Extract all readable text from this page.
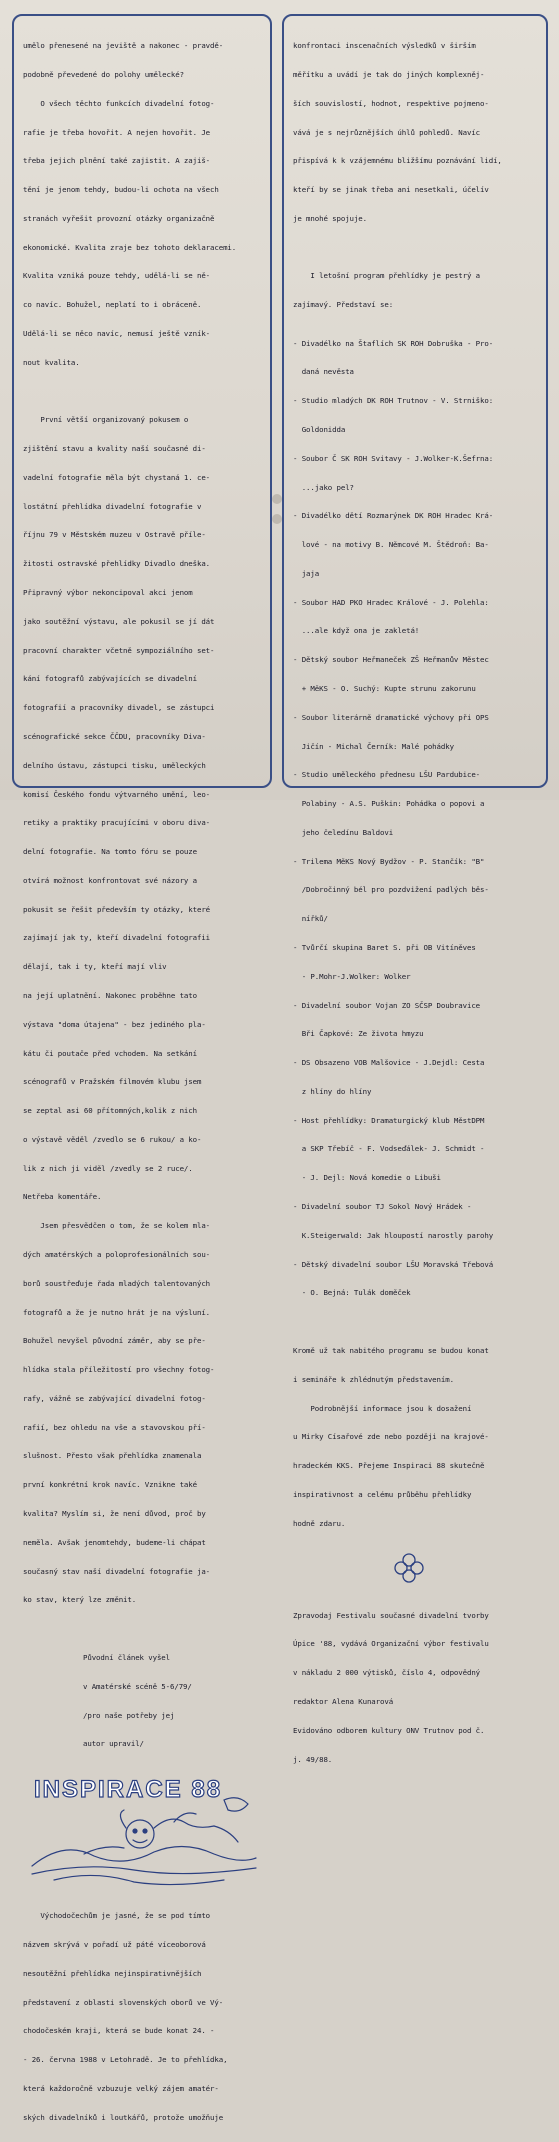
umělo přenesené na jeviště a nakonec - pravdě-

podobně převedené do polohy umělecké?

O všech těchto funkcích divadelní fotog-

rafie je třeba hovořit. A nejen hovořit. Je

třeba jejich plnění také zajistit. A zajiš-

tění je jenom tehdy, budou-li ochota na všech

stranách vyřešit provozní otázky organizačně

ekonomické. Kvalita zraje bez tohoto deklaracemi.

Kvalita vzniká pouze tehdy, udělá-li se ně-

co navíc. Bohužel, neplatí to i obráceně.

Udělá-li se něco navíc, nemusí ještě vzník-

nout kvalita.

První větší organizovaný pokusem o

zjištění stavu a kvality naší současné di-

vadelní fotografie měla být chystaná 1. ce-

lostátní přehlídka divadelní fotografie v

říjnu 79 v Městském muzeu v Ostravě příle-

žitosti ostravské přehlídky Divadlo dneška.

Připravný výbor nekoncipoval akci jenom

jako soutěžní výstavu, ale pokusil se jí dát

pracovní charakter včetně sympoziálního set-

kání fotografů zabývajících se divadelní

fotografií a pracovníky divadel, se zástupci

scénografické sekce ČČDU, pracovníky Diva-

delního ústavu, zástupci tisku, uměleckých

komisí Českého fondu výtvarného umění, leo-

retiky a praktiky pracujícími v oboru diva-

delní fotografie. Na tomto fóru se pouze

otvírá možnost konfrontovat své názory a

pokusit se řešit především ty otázky, které

zajímají jak ty, kteří divadelní fotografii

dělají, tak i ty, kteří mají vliv

na její uplatnění. Nakonec proběhne tato

výstava "doma útajena" - bez jediného pla-

kátu či poutače před vchodem. Na setkání

scénografů v Pražském filmovém klubu jsem

se zeptal asi 60 přítomných,kolik z nich

o výstavě věděl /zvedlo se 6 rukou/ a ko-

lik z nich ji viděl /zvedly se 2 ruce/.

Netřeba komentáře.

Jsem přesvědčen o tom, že se kolem mla-

dých amatérských a poloprofesionálních sou-

borů soustřeďuje řada mladých talentovaných

fotografů a že je nutno hrát je na výsluní.

Bohužel nevyšel původní záměr, aby se pře-

hlídka stala příležitostí pro všechny fotog-

rafy, vážně se zabývající divadelní fotog-

rafií, bez ohledu na vše a stavovskou pří-

slušnost. Přesto však přehlídka znamenala

první konkrétní krok navíc. Vznikne také

kvalita? Myslím si, že není důvod, proč by

neměla. Avšak jenomtehdy, budeme-li chápat

současný stav naší divadelní fotografie ja-

ko stav, který lze změnit.

Původní článek vyšel

v Amatérské scéně 5-6/79/

/pro naše potřeby jej

autor upravil/

INSPIRACE 88

Východočechům je jasné, že se pod tímto

názvem skrývá v pořadí už páté víceoborová

nesoutěžní přehlídka nejinspirativnějších

představení z oblasti slovenských oborů ve Vý-

chodočeském kraji, která se bude konat 24. -

- 26. června 1988 v Letohradě. Je to přehlídka,

která každoročně vzbuzuje velký zájem amatér-

ských divadelníků i loutkářů, protože umožňuje

konfrontaci inscenačních výsledků v širším

měřítku a uvádí je tak do jiných komplexněj-

ších souvislostí, hodnot, respektive pojmeno-

vává je s nejrůznějších úhlů pohledů. Navíc

přispívá k k vzájemnému bližšímu poznávání lidí,

kteří by se jinak třeba ani nesetkali, účelív

je mnohé spojuje.

I letošní program přehlídky je pestrý a

zajímavý. Představí se:

- Divadélko na Štaflích SK ROH Dobruška - Pro-

daná nevěsta

- Studio mladých DK ROH Trutnov - V. Strniško:

Goldonidda

- Soubor Č SK ROH Svitavy - J.Wolker-K.Šefrna:

...jako pel?

- Divadélko dětí Rozmarýnek DK ROH Hradec Krá-

lové - na motivy B. Němcové M. Štědroň: Ba-

jaja

- Soubor HAD PKO Hradec Králové - J. Polehla:

...ale když ona je zakletá!

- Dětský soubor Heřmaneček ZŠ Heřmanův Městec

+ MěKS - O. Suchý: Kupte strunu zakorunu

- Soubor literárně dramatické výchovy při OPS

Jičín - Michal Černík: Malé pohádky

- Studio uměleckého přednesu LŠU Pardubice-

Polabiny - A.S. Puškin: Pohádka o popovi a

jeho čeledínu Baldovi

- Trilema MěKS Nový Bydžov - P. Stančík: "B"

/Dobročinný bél pro pozdvižení padlých běs-

nířků/

- Tvůrčí skupina Baret S. při OB Vitíněves

- P.Mohr-J.Wolker: Wolker

- Divadelní soubor Vojan ZO SČSP Doubravice

Bři Čapkové: Ze života hmyzu

- DS Obsazeno VOB Malšovice - J.Dejdl: Cesta

z hlíny do hlíny

- Host přehlídky: Dramaturgický klub MěstDPM

a SKP Třebíč - F. Vodseďálek- J. Schmidt -

- J. Dejl: Nová komedie o Libuši

- Divadelní soubor TJ Sokol Nový Hrádek -

K.Steigerwald: Jak hloupostí narostly parohy

- Dětský divadelní soubor LŠU Moravská Třebová

- O. Bejná: Tulák doměček

Kromě už tak nabitého programu se budou konat

i semináře k zhlédnutým představením.

Podrobnější informace jsou k dosažení

u Mirky Císařové zde nebo později na krajové-

hradeckém KKS. Přejeme Inspiraci 88 skutečně

inspirativnost a celému průběhu přehlídky

hodně zdaru.

Zpravodaj Festivalu současné divadelní tvorby

Úpice '88, vydává Organizační výbor festivalu

v nákladu 2 000 výtisků, číslo 4, odpovědný

redaktor Alena Kunarová

Evidováno odborem kultury ONV Trutnov pod č.

j. 49/88.
